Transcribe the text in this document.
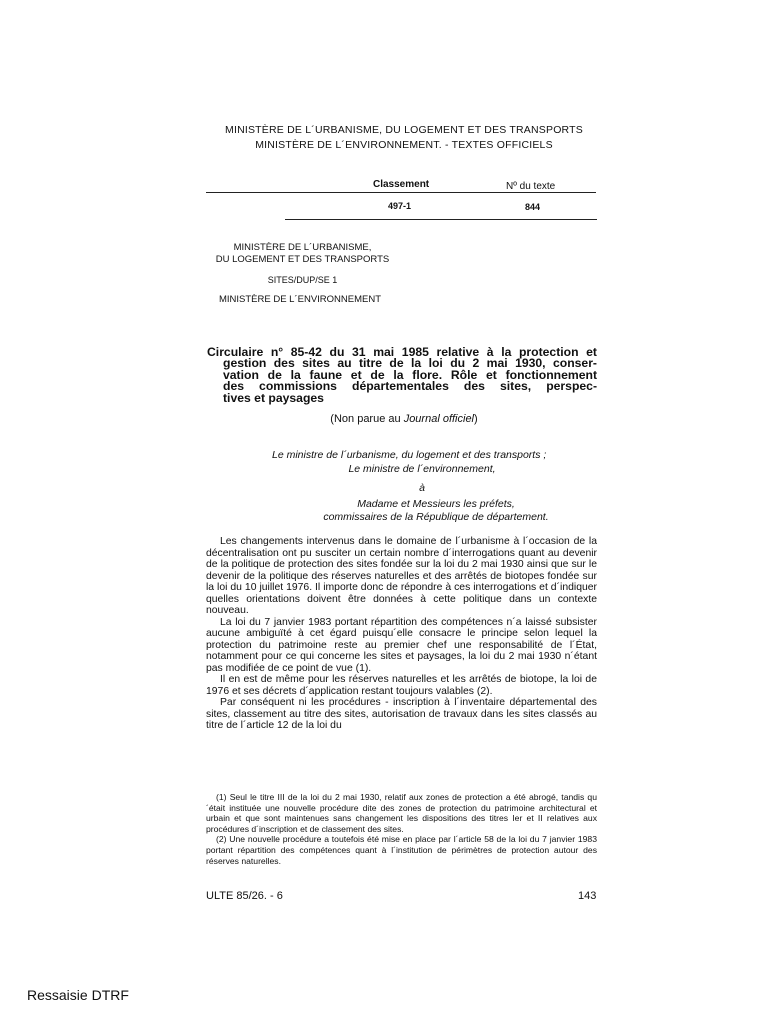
MINISTÈRE DE L´URBANISME, DU LOGEMENT ET DES TRANSPORTS
MINISTÈRE DE L´ENVIRONNEMENT. - TEXTES OFFICIELS
Classement	Nº du texte
497-1	844
MINISTÈRE DE L´URBANISME,
DU LOGEMENT ET DES TRANSPORTS
SITES/DUP/SE 1
MINISTÈRE DE L´ENVIRONNEMENT
Circulaire n° 85-42 du 31 mai 1985 relative à la protection et
gestion des sites au titre de la loi du 2 mai 1930, conser-
vation de la faune et de la flore. Rôle et fonctionnement
des commissions départementales des sites, perspec-
tives et paysages
(Non parue au Journal officiel)
Le ministre de l´urbanisme, du logement et des transports ;
Le ministre de l´environnement,
à
Madame et Messieurs les préfets,
commissaires de la République de département.

Les changements intervenus dans le domaine de l´urbanisme à l´occasion de la décentralisation ont pu susciter un certain nombre d´interrogations quant au devenir de la politique de protection des sites fondée sur la loi du 2 mai 1930 ainsi que sur le devenir de la politique des réserves naturelles et des arrêtés de biotopes fondée sur la loi du 10 juillet 1976. Il importe donc de répondre à ces interrogations et d´indiquer quelles orientations doivent être données à cette politique dans un contexte nouveau.

La loi du 7 janvier 1983 portant répartition des compétences n´a laissé subsister aucune ambiguïté à cet égard puisqu´elle consacre le principe selon lequel la protection du patrimoine reste au premier chef une responsabilité de l´État, notamment pour ce qui concerne les sites et paysages, la loi du 2 mai 1930 n´étant pas modifiée de ce point de vue (1).

Il en est de même pour les réserves naturelles et les arrêtés de biotope, la loi de 1976 et ses décrets d´application restant toujours valables (2).

Par conséquent ni les procédures - inscription à l´inventaire départemental des sites, classement au titre des sites, autorisation de travaux dans les sites classés au titre de l´article 12 de la loi du

(1) Seul le titre III de la loi du 2 mai 1930, relatif aux zones de protection a été abrogé, tandis qu´était instituée une nouvelle procédure dite des zones de protection du patrimoine architectural et urbain et que sont maintenues sans changement les dispositions des titres Ier et II relatives aux procédures d´inscription et de classement des sites.

(2) Une nouvelle procédure a toutefois été mise en place par l´article 58 de la loi du 7 janvier 1983 portant répartition des compétences quant à l´institution de périmètres de protection autour des réserves naturelles.

ULTE 85/26. - 6	143
Ressaisie DTRF
